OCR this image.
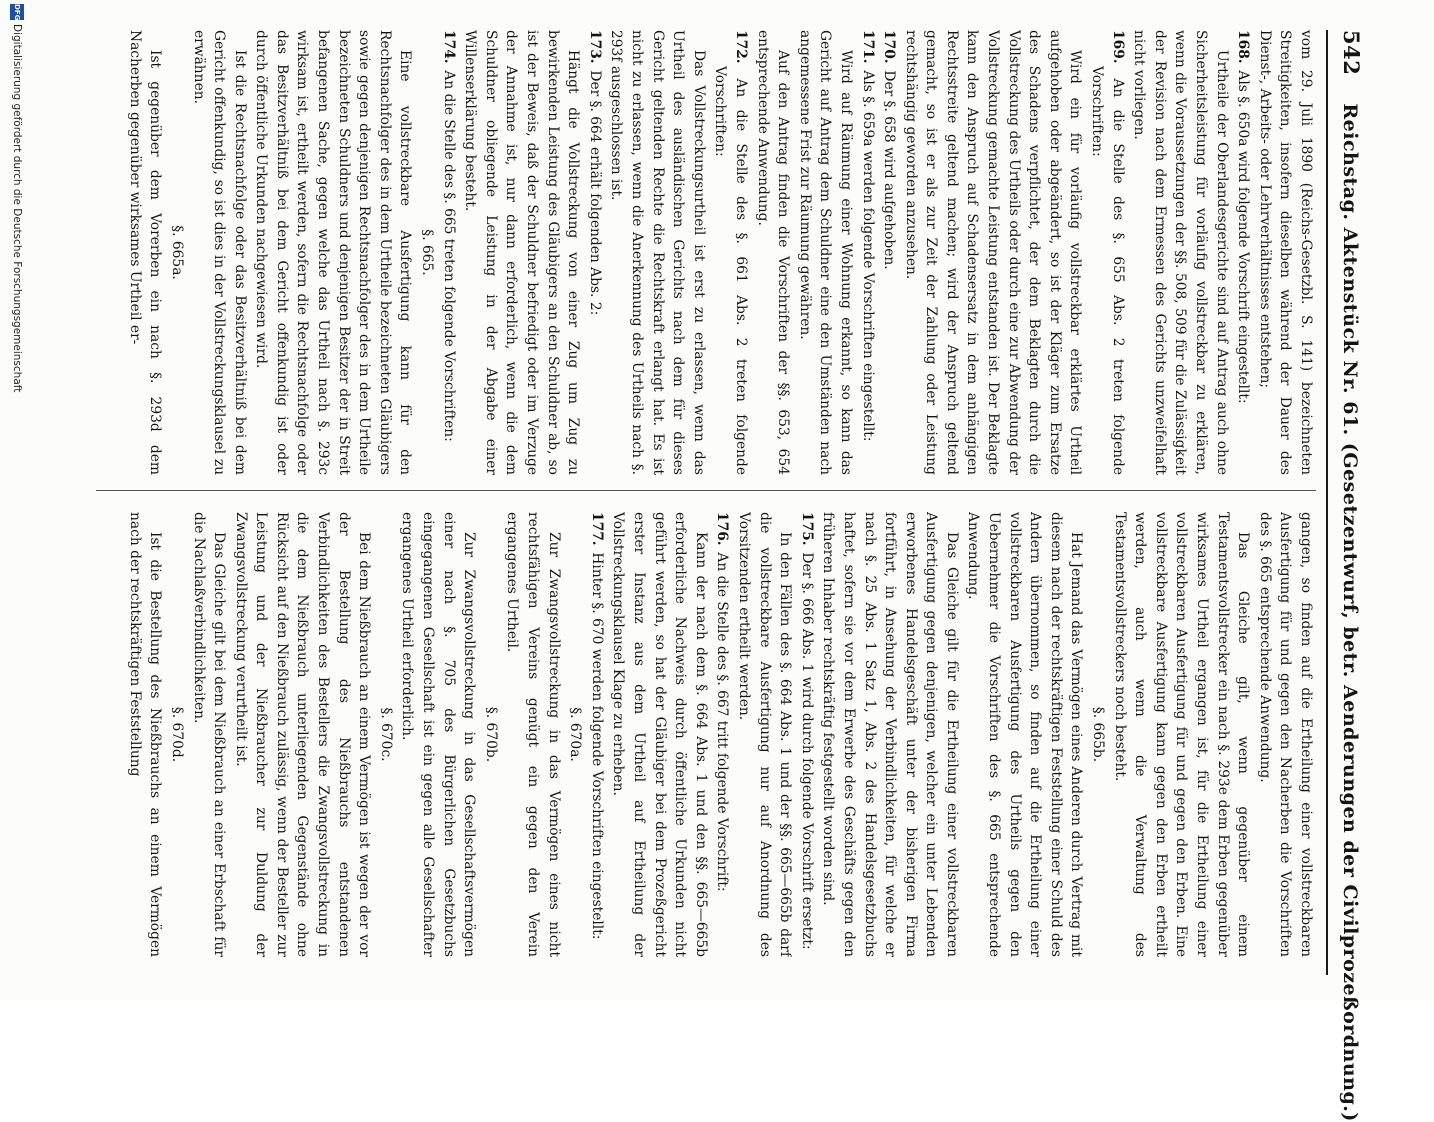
542
Reichstag. Aktenstück Nr. 61. (Gesetzentwurf, betr. Aenderungen der Civilprozeßordnung.)
vom 29. Juli 1890 (Reichs-Gesetzbl. S. 141) bezeichneten Streitigkeiten, insofern dieselben während der Dauer des Dienst-, Arbeits- oder Lehrverhältnisses entstehen;
168. Als §. 650a wird folgende Vorschrift eingestellt:
Urtheile der Oberlandesgerichte sind auf Antrag auch ohne Sicherheitsleistung für vorläufig vollstreckbar zu erklären, wenn die Voraussetzungen der §§. 508, 509 für die Zulässigkeit der Revision nach dem Ermessen des Gerichts unzweifelhaft nicht vorliegen.
169. An die Stelle des §. 655 Abs. 2 treten folgende Vorschriften:
Wird ein für vorläufig vollstreckbar erklärtes Urtheil aufgehoben oder abgeändert, so ist der Kläger zum Ersatze des Schadens verpflichtet, der dem Beklagten durch die Vollstreckung des Urtheils oder durch eine zur Abwendung der Vollstreckung gemachte Leistung entstanden ist. Der Beklagte kann den Anspruch auf Schadensersatz in dem anhängigen Rechtsstreite geltend machen; wird der Anspruch geltend gemacht, so ist er als zur Zeit der Zahlung oder Leistung rechtshängig geworden anzusehen.
170. Der §. 658 wird aufgehoben.
171. Als §. 659a werden folgende Vorschriften eingestellt:
Wird auf Räumung einer Wohnung erkannt, so kann das Gericht auf Antrag dem Schuldner eine den Umständen nach angemessene Frist zur Räumung gewähren.
Auf den Antrag finden die Vorschriften der §§. 653, 654 entsprechende Anwendung.
172. An die Stelle des §. 661 Abs. 2 treten folgende Vorschriften:
Das Vollstreckungsurtheil ist erst zu erlassen, wenn das Urtheil des ausländischen Gerichts nach dem für dieses Gericht geltenden Rechte die Rechtskraft erlangt hat. Es ist nicht zu erlassen, wenn die Anerkennung des Urtheils nach §. 293f ausgeschlossen ist.
173. Der §. 664 erhält folgenden Abs. 2:
Hängt die Vollstreckung von einer Zug um Zug zu bewirkenden Leistung des Gläubigers an den Schuldner ab, so ist der Beweis, daß der Schuldner befriedigt oder im Verzuge der Annahme ist, nur dann erforderlich, wenn die dem Schuldner obliegende Leistung in der Abgabe einer Willenserklärung besteht.
174. An die Stelle des §. 665 treten folgende Vorschriften:
§. 665.
Eine vollstreckbare Ausfertigung kann für den Rechtsnachfolger des in dem Urtheile bezeichneten Gläubigers sowie gegen denjenigen Rechtsnachfolger des in dem Urtheile bezeichneten Schuldners und denjenigen Besitzer der in Streit befangenen Sache, gegen welche das Urtheil nach §. 293c wirksam ist, ertheilt werden, sofern die Rechtsnachfolge oder das Besitzverhältniß bei dem Gericht offenkundig ist oder durch öffentliche Urkunden nachgewiesen wird.
Ist die Rechtsnachfolge oder das Besitzverhältniß bei dem Gericht offenkundig, so ist dies in der Vollstreckungsklausel zu erwähnen.
§. 665a.
Ist gegenüber dem Vorerben ein nach §. 293d dem Nacherben gegenüber wirksames Urtheil er-
gangen, so finden auf die Ertheilung einer vollstreckbaren Ausfertigung für und gegen den Nacherben die Vorschriften des §. 665 entsprechende Anwendung.
Das Gleiche gilt, wenn gegenüber einem Testamentsvollstrecker ein nach §. 293e dem Erben gegenüber wirksames Urtheil ergangen ist, für die Ertheilung einer vollstreckbaren Ausfertigung für und gegen den Erben. Eine vollstreckbare Ausfertigung kann gegen den Erben ertheilt werden, auch wenn die Verwaltung des Testamentsvollstreckers noch besteht.
§. 665b.
Hat Jemand das Vermögen eines Anderen durch Vertrag mit diesem nach der rechtskräftigen Feststellung einer Schuld des Andern übernommen, so finden auf die Ertheilung einer vollstreckbaren Ausfertigung des Urtheils gegen den Uebernehmer die Vorschriften des §. 665 entsprechende Anwendung.
Das Gleiche gilt für die Ertheilung einer vollstreckbaren Ausfertigung gegen denjenigen, welcher ein unter Lebenden erworbenes Handelsgeschäft unter der bisherigen Firma fortführt, in Ansehung der Verbindlichkeiten, für welche er nach §. 25 Abs. 1 Satz 1, Abs. 2 des Handelsgesetzbuchs haftet, sofern sie vor dem Erwerbe des Geschäfts gegen den früheren Inhaber rechtskräftig festgestellt worden sind.
175. Der §. 666 Abs. 1 wird durch folgende Vorschrift ersetzt:
In den Fällen des §. 664 Abs. 1 und der §§. 665—665b darf die vollstreckbare Ausfertigung nur auf Anordnung des Vorsitzenden ertheilt werden.
176. An die Stelle des §. 667 tritt folgende Vorschrift:
Kann der nach dem §. 664 Abs. 1 und den §§. 665—665b erforderliche Nachweis durch öffentliche Urkunden nicht geführt werden, so hat der Gläubiger bei dem Prozeßgericht erster Instanz aus dem Urtheil auf Ertheilung der Vollstreckungsklausel Klage zu erheben.
177. Hinter §. 670 werden folgende Vorschriften eingestellt:
§. 670a.
Zur Zwangsvollstreckung in das Vermögen eines nicht rechtsfähigen Vereins genügt ein gegen den Verein ergangenes Urtheil.
§. 670b.
Zur Zwangsvollstreckung in das Gesellschaftsvermögen einer nach §. 705 des Bürgerlichen Gesetzbuchs eingegangenen Gesellschaft ist ein gegen alle Gesellschafter ergangenes Urtheil erforderlich.
§. 670c.
Bei dem Nießbrauch an einem Vermögen ist wegen der vor der Bestellung des Nießbrauchs entstandenen Verbindlichkeiten des Bestellers die Zwangsvollstreckung in die dem Nießbrauch unterliegenden Gegenstände ohne Rücksicht auf den Nießbrauch zulässig, wenn der Besteller zur Leistung und der Nießbraucher zur Duldung der Zwangsvollstreckung verurtheilt ist.
Das Gleiche gilt bei dem Nießbrauch an einer Erbschaft für die Nachlaßverbindlichkeiten.
§. 670d.
Ist die Bestellung des Nießbrauchs an einem Vermögen nach der rechtskräftigen Feststellung
DFG
Digitalisierung gefördert durch die Deutsche Forschungsgemeinschaft
